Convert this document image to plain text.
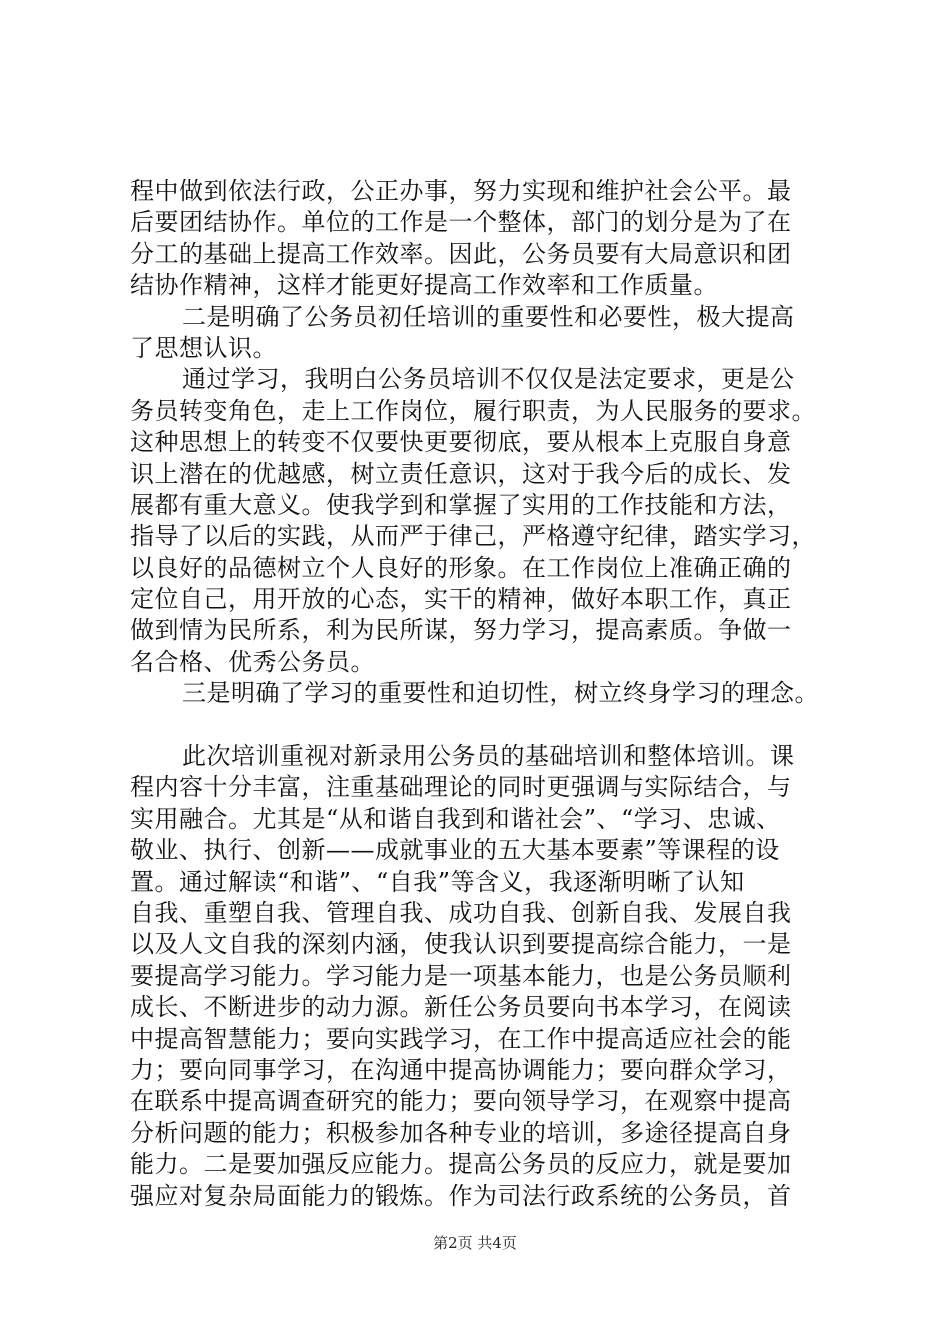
程中做到依法行政，公正办事，努力实现和维护社会公平。最
后要团结协作。单位的工作是一个整体，部门的划分是为了在
分工的基础上提高工作效率。因此，公务员要有大局意识和团
结协作精神，这样才能更好提高工作效率和工作质量。
二是明确了公务员初任培训的重要性和必要性，极大提高
了思想认识。
通过学习，我明白公务员培训不仅仅是法定要求，更是公
务员转变角色，走上工作岗位，履行职责，为人民服务的要求。
这种思想上的转变不仅要快更要彻底，要从根本上克服自身意
识上潜在的优越感，树立责任意识，这对于我今后的成长、发
展都有重大意义。使我学到和掌握了实用的工作技能和方法，
指导了以后的实践，从而严于律己，严格遵守纪律，踏实学习，
以良好的品德树立个人良好的形象。在工作岗位上准确正确的
定位自己，用开放的心态，实干的精神，做好本职工作，真正
做到情为民所系，利为民所谋，努力学习，提高素质。争做一
名合格、优秀公务员。
三是明确了学习的重要性和迫切性，树立终身学习的理念。
此次培训重视对新录用公务员的基础培训和整体培训。课
程内容十分丰富，注重基础理论的同时更强调与实际结合，与
实用融合。尤其是“从和谐自我到和谐社会”、“学习、忠诚、
敬业、执行、创新——成就事业的五大基本要素”等课程的设
置。通过解读“和谐”、“自我”等含义，我逐渐明晰了认知
自我、重塑自我、管理自我、成功自我、创新自我、发展自我
以及人文自我的深刻内涵，使我认识到要提高综合能力，一是
要提高学习能力。学习能力是一项基本能力，也是公务员顺利
成长、不断进步的动力源。新任公务员要向书本学习，在阅读
中提高智慧能力；要向实践学习，在工作中提高适应社会的能
力；要向同事学习，在沟通中提高协调能力；要向群众学习，
在联系中提高调查研究的能力；要向领导学习，在观察中提高
分析问题的能力；积极参加各种专业的培训，多途径提高自身
能力。二是要加强反应能力。提高公务员的反应力，就是要加
强应对复杂局面能力的锻炼。作为司法行政系统的公务员，首
第2页 共4页
